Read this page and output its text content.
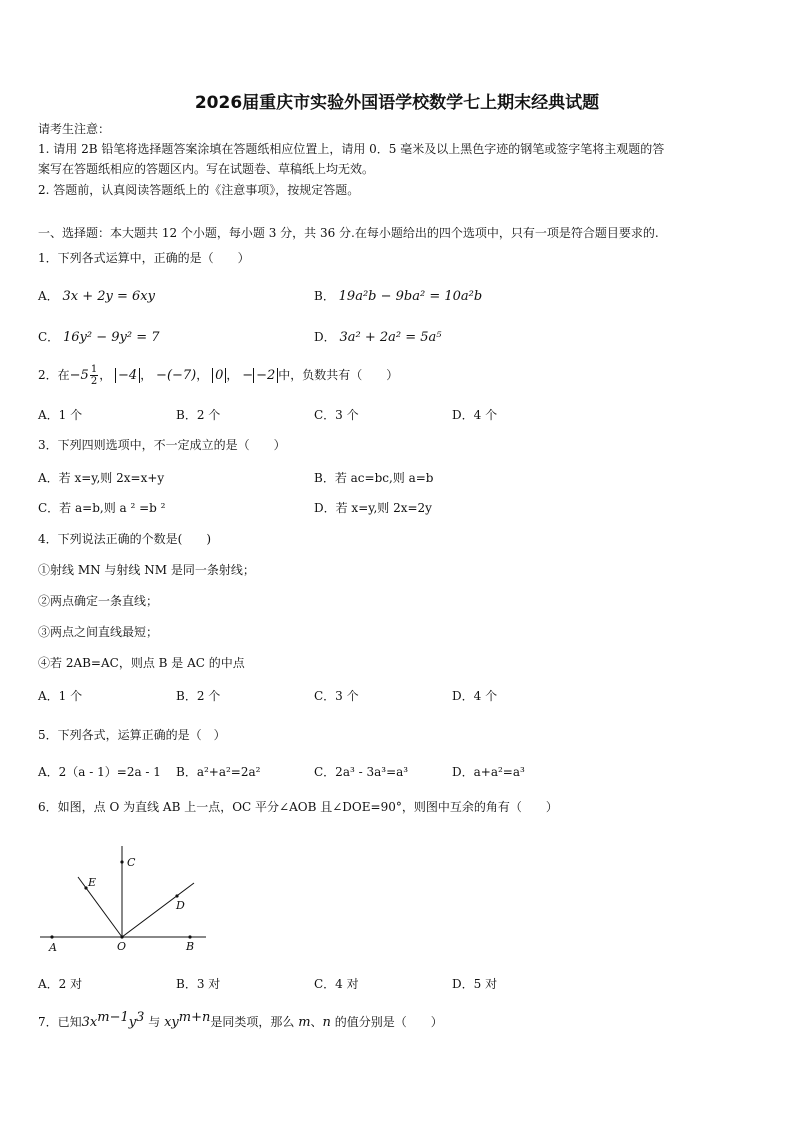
2026届重庆市实验外国语学校数学七上期末经典试题
请考生注意：
1. 请用 2B 铅笔将选择题答案涂填在答题纸相应位置上，请用 0．5 毫米及以上黑色字迹的钢笔或签字笔将主观题的答
案写在答题纸相应的答题区内。写在试题卷、草稿纸上均无效。
2. 答题前，认真阅读答题纸上的《注意事项》，按规定答题。
一、选择题：本大题共 12 个小题，每小题 3 分，共 36 分.在每小题给出的四个选项中，只有一项是符合题目要求的.
1．下列各式运算中，正确的是（　　）
A． 3x + 2y = 6xy	B． 19a²b − 9ba² = 10a²b
C． 16y² − 9y² = 7	D． 3a² + 2a² = 5a⁵
2．在$-5 \frac{1}{2}$ ， −4 ， −(−7)， 0 ， − −2 中，负数共有（　　）
A．1 个	B．2 个	C．3 个	D．4 个
3．下列四则选项中，不一定成立的是（　　）
A．若 x=y,则 2x=x+y	B．若 ac=bc,则 a=b
C．若 a=b,则 a ² =b ²	D．若 x=y,则 2x=2y
4．下列说法正确的个数是(　　)
①射线 MN 与射线 NM 是同一条射线；
②两点确定一条直线；
③两点之间直线最短；
④若 2AB=AC，则点 B 是 AC 的中点
A．1 个	B．2 个	C．3 个	D．4 个
5．下列各式，运算正确的是（　）
A．2（a - 1）=2a - 1 B．a²+a²=2a²	C．2a³ - 3a³=a³	D．a+a²=a³
6．如图，点 O 为直线 AB 上一点，OC 平分∠AOB 且∠DOE=90°，则图中互余的角有（　　）
A	O	B
C
D
E
A．2 对	B．3 对	C．4 对	D．5 对
7．已知$3x^{m-1}y^3$ 与 $xy^{m+n}$是同类项，那么 m、n 的值分别是（　　）
